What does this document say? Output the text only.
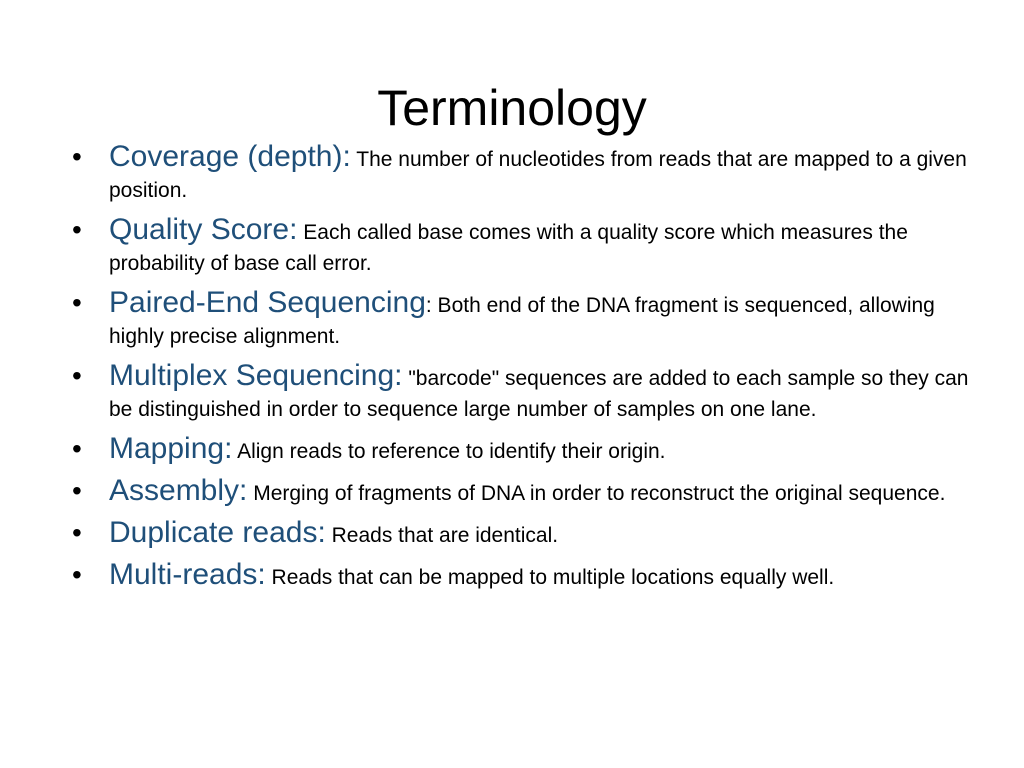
Terminology
• Coverage (depth): The number of nucleotides from reads that are mapped to a given position.
• Quality Score: Each called base comes with a quality score which measures the probability of base call error.
• Paired-End Sequencing: Both end of the DNA fragment is sequenced, allowing highly precise alignment.
• Multiplex Sequencing: "barcode" sequences are added to each sample so they can be distinguished in order to sequence large number of samples on one lane.
• Mapping: Align reads to reference to identify their origin.
• Assembly: Merging of fragments of DNA in order to reconstruct the original sequence.
• Duplicate reads: Reads that are identical.
• Multi-reads: Reads that can be mapped to multiple locations equally well.
